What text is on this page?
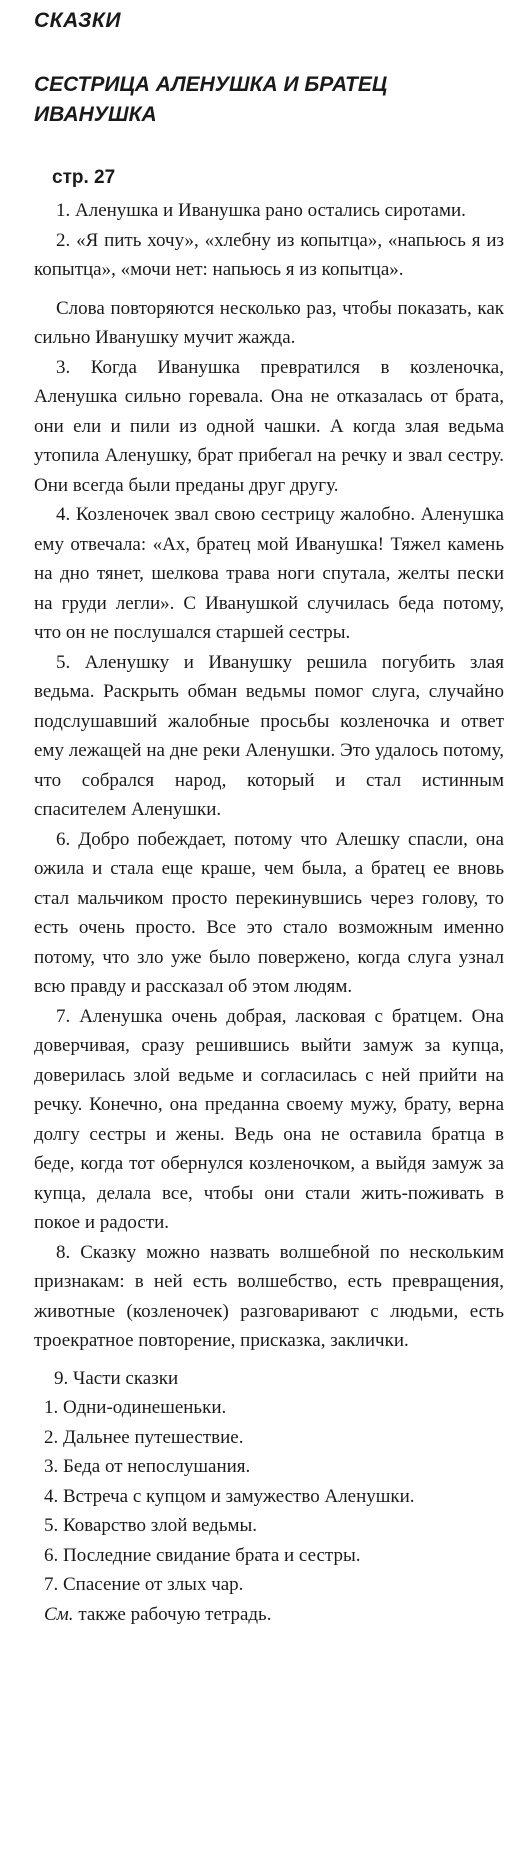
СКАЗКИ
СЕСТРИЦА АЛЕНУШКА И БРАТЕЦ ИВАНУШКА
стр. 27

1. Аленушка и Иванушка рано остались сиротами.

2. «Я пить хочу», «хлебну из копытца», «напьюсь я из копытца», «мочи нет: напьюсь я из копытца».

Слова повторяются несколько раз, чтобы показать, как сильно Иванушку мучит жажда.

3. Когда Иванушка превратился в козленочка, Аленушка сильно горевала. Она не отказалась от брата, они ели и пили из одной чашки. А когда злая ведьма утопила Аленушку, брат прибегал на речку и звал сестру. Они всегда были преданы друг другу.

4. Козленочек звал свою сестрицу жалобно. Аленушка ему отвечала: «Ах, братец мой Иванушка! Тяжел камень на дно тянет, шелкова трава ноги спутала, желты пески на груди легли». С Иванушкой случилась беда потому, что он не послушался старшей сестры.

5. Аленушку и Иванушку решила погубить злая ведьма. Раскрыть обман ведьмы помог слуга, случайно подслушавший жалобные просьбы козленочка и ответ ему лежащей на дне реки Аленушки. Это удалось потому, что собрался народ, который и стал истинным спасителем Аленушки.

6. Добро побеждает, потому что Алешку спасли, она ожила и стала еще краше, чем была, а братец ее вновь стал мальчиком просто перекинувшись через голову, то есть очень просто. Все это стало возможным именно потому, что зло уже было повержено, когда слуга узнал всю правду и рассказал об этом людям.

7. Аленушка очень добрая, ласковая с братцем. Она доверчивая, сразу решившись выйти замуж за купца, доверилась злой ведьме и согласилась с ней прийти на речку. Конечно, она преданна своему мужу, брату, верна долгу сестры и жены. Ведь она не оставила братца в беде, когда тот обернулся козленочком, а выйдя замуж за купца, делала все, чтобы они стали жить-поживать в покое и радости.

8. Сказку можно назвать волшебной по нескольким признакам: в ней есть волшебство, есть превращения, животные (козленочек) разговаривают с людьми, есть троекратное повторение, присказка, заклички.

9. Части сказки
1. Одни-одинешеньки.
2. Дальнее путешествие.
3. Беда от непослушания.
4. Встреча с купцом и замужество Аленушки.
5. Коварство злой ведьмы.
6. Последние свидание брата и сестры.
7. Спасение от злых чар.
См. также рабочую тетрадь.
